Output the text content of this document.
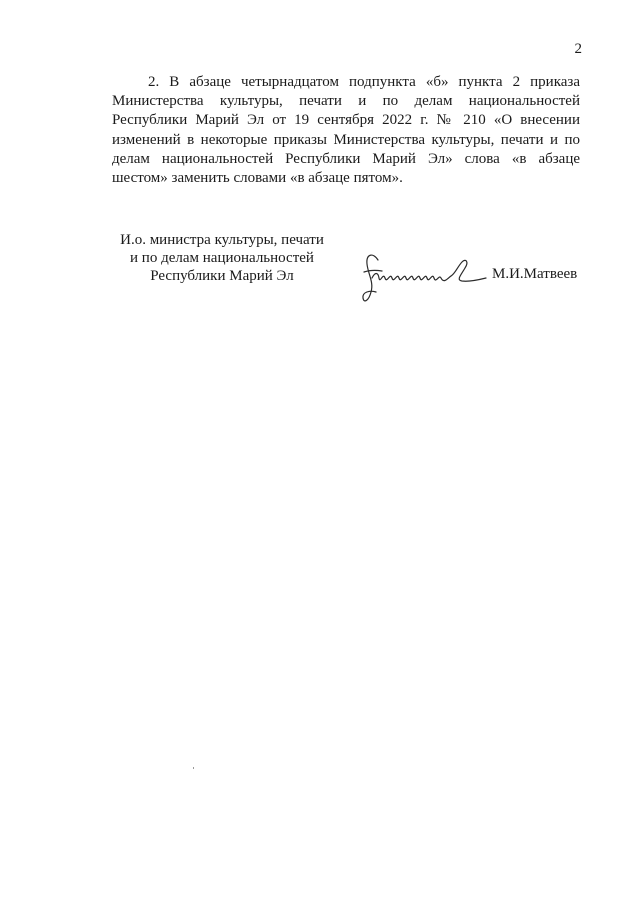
2

2. В абзаце четырнадцатом подпункта «б» пункта 2 приказа Министерства культуры, печати и по делам национальностей Республики Марий Эл от 19 сентября 2022 г. № 210 «О внесении изменений в некоторые приказы Министерства культуры, печати и по делам национальностей Республики Марий Эл» слова «в абзаце шестом» заменить словами «в абзаце пятом».

И.о. министра культуры, печати
и по делам национальностей
Республики Марий Эл	М.И.Матвеев
